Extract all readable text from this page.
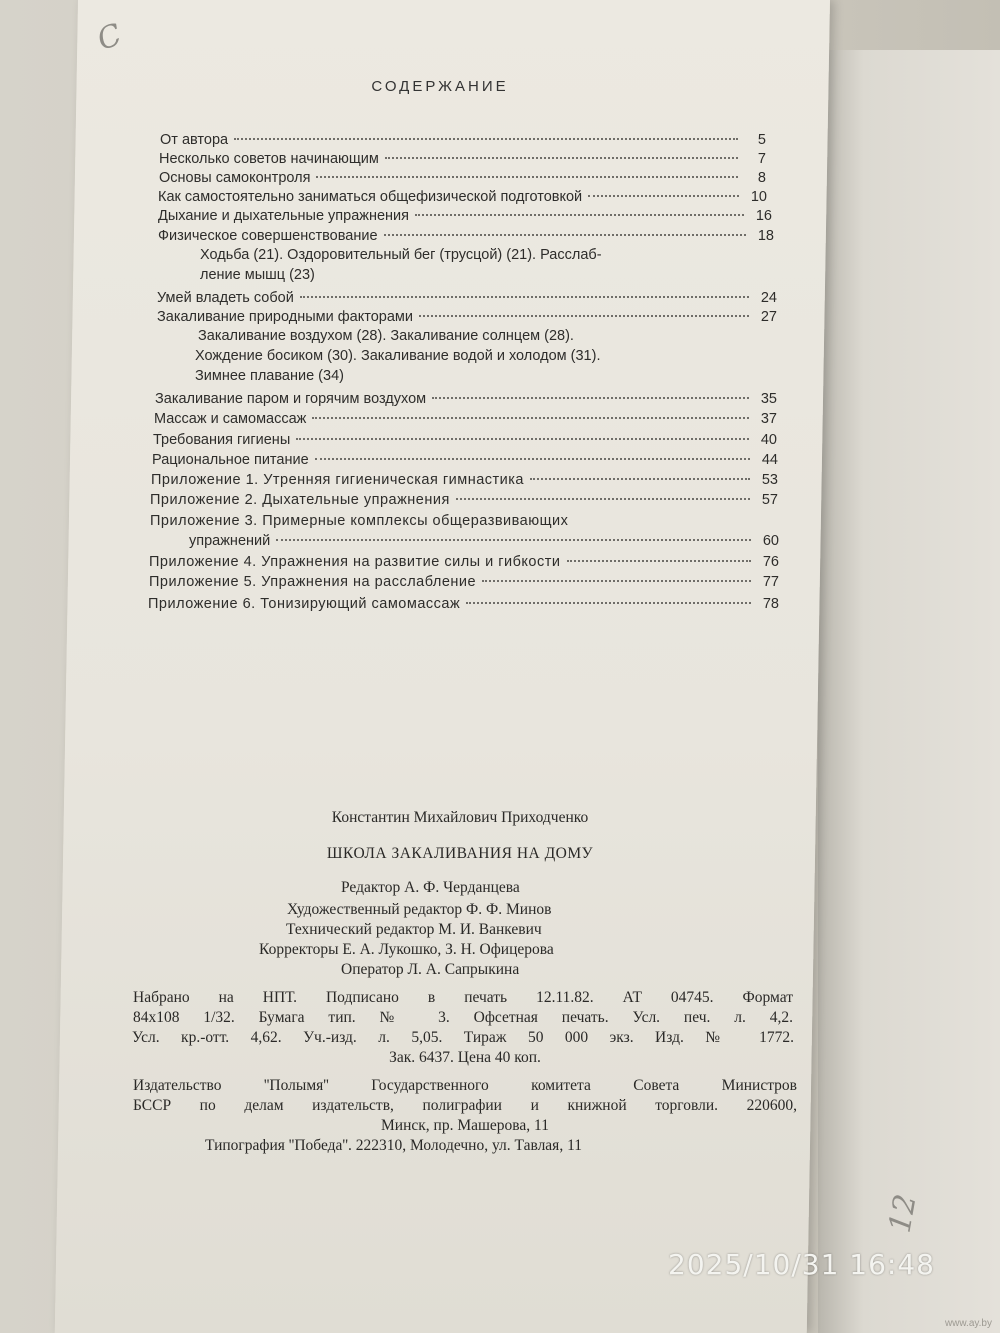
C
СОДЕРЖАНИЕ
От автора	5
Несколько советов начинающим	7
Основы самоконтроля	8
Как самостоятельно заниматься общефизической подготовкой	10
Дыхание и дыхательные упражнения	16
Физическое совершенствование	18
Ходьба (21). Оздоровительный бег (трусцой) (21). Расслаб-
ление мышц (23)
Умей владеть собой	24
Закаливание природными факторами	27
Закаливание воздухом (28). Закаливание солнцем (28).
Хождение босиком (30). Закаливание водой и холодом (31).
Зимнее плавание (34)
Закаливание паром и горячим воздухом	35
Массаж и самомассаж	37
Требования гигиены	40
Рациональное питание	44
Приложение 1. Утренняя гигиеническая гимнастика	53
Приложение 2. Дыхательные упражнения	57
Приложение 3. Примерные комплексы общеразвивающих
упражнений	60
Приложение 4. Упражнения на развитие силы и гибкости	76
Приложение 5. Упражнения на расслабление	77
Приложение 6. Тонизирующий самомассаж	78
Константин Михайлович Приходченко
ШКОЛА ЗАКАЛИВАНИЯ НА ДОМУ
Редактор А. Ф. Черданцева
Художественный редактор Ф. Ф. Минов
Технический редактор М. И. Ванкевич
Корректоры Е. А. Лукошко, З. Н. Офицерова
Оператор Л. А. Сапрыкина
Набрано на НПТ. Подписано в печать 12.11.82. АТ 04745. Формат
84x108 1/32. Бумага тип. № 3. Офсетная печать. Усл. печ. л. 4,2.
Усл. кр.-отт. 4,62. Уч.-изд. л. 5,05. Тираж 50 000 экз. Изд. № 1772.
Зак. 6437. Цена 40 коп.
Издательство ''Полымя'' Государственного комитета Совета Министров
БССР по делам издательств, полиграфии и книжной торговли. 220600,
Минск, пр. Машерова, 11
Типография ''Победа''. 222310, Молодечно, ул. Тавлая, 11
12
2025/10/31 16:48
www.ay.by
